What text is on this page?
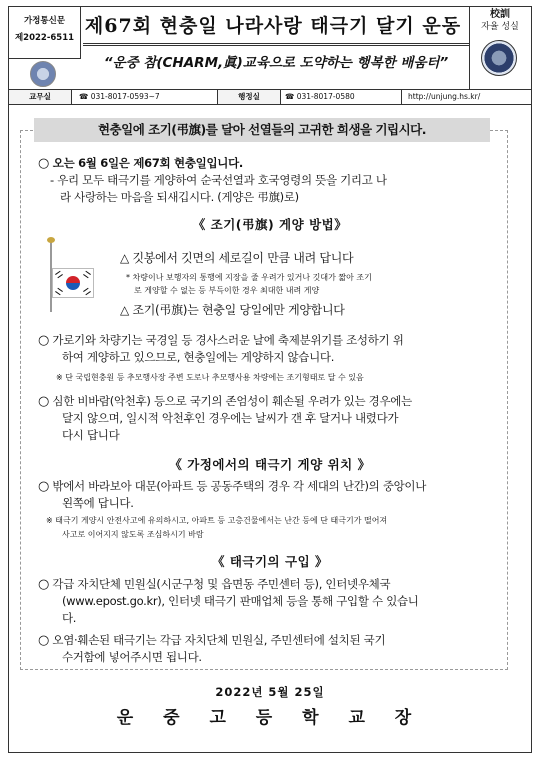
가정통신문
제2022-6511
제67회 현충일 나라사랑 태극기 달기 운동
“운중 참(CHARM,眞)교육으로 도약하는 행복한 배움터”
校訓
자율 성실
교무실	☎ 031-8017-0593~7	행정실	☎ 031-8017-0580	http://unjung.hs.kr/
현충일에 조기(弔旗)를 달아 선열들의 고귀한 희생을 기립시다.
○ 오는 6월 6일은 제67회 현충일입니다.
- 우리 모두 태극기를 게양하여 순국선열과 호국영령의 뜻을 기리고 나
라 사랑하는 마음을 되새깁시다. (게양은 弔旗)로)
《 조기(弔旗) 게양 방법》
△ 깃봉에서 깃면의 세로길이 만큼 내려 답니다
* 차량이나 보행자의 통행에 지장을 줄 우려가 있거나 깃대가 짧아 조기
로 게양할 수 없는 등 부득이한 경우 최대한 내려 게양
△ 조기(弔旗)는 현충일 당일에만 게양합니다
○ 가로기와 차량기는 국경일 등 경사스러운 날에 축제분위기를 조성하기 위
하여 게양하고 있으므로, 현충일에는 게양하지 않습니다.
※ 단 국립현충원 등 추모행사장 주변 도로나 추모행사용 차량에는 조기형태로 달 수 있음
○ 심한 비바람(악천후) 등으로 국기의 존엄성이 훼손될 우려가 있는 경우에는
달지 않으며, 일시적 악천후인 경우에는 날씨가 갠 후 달거나 내렸다가
다시 답니다
《 가정에서의 태극기 게양 위치 》
○ 밖에서 바라보아 대문(아파트 등 공동주택의 경우 각 세대의 난간)의 중앙이나
왼쪽에 답니다.
※ 태극기 게양시 안전사고에 유의하시고, 아파트 등 고층건물에서는 난간 등에 단 태극기가 떨어져
사고로 이어지지 않도록 조심하시기 바람
《 태극기의 구입 》
○ 각급 자치단체 민원실(시군구청 및 읍면동 주민센터 등), 인터넷우체국
(www.epost.go.kr), 인터넷 태극기 판매업체 등을 통해 구입할 수 있습니
다.
○ 오염·훼손된 태극기는 각급 자치단체 민원실, 주민센터에 설치된 국기
수거함에 넣어주시면 됩니다.
2022년 5월 25일
운 중 고 등 학 교 장
